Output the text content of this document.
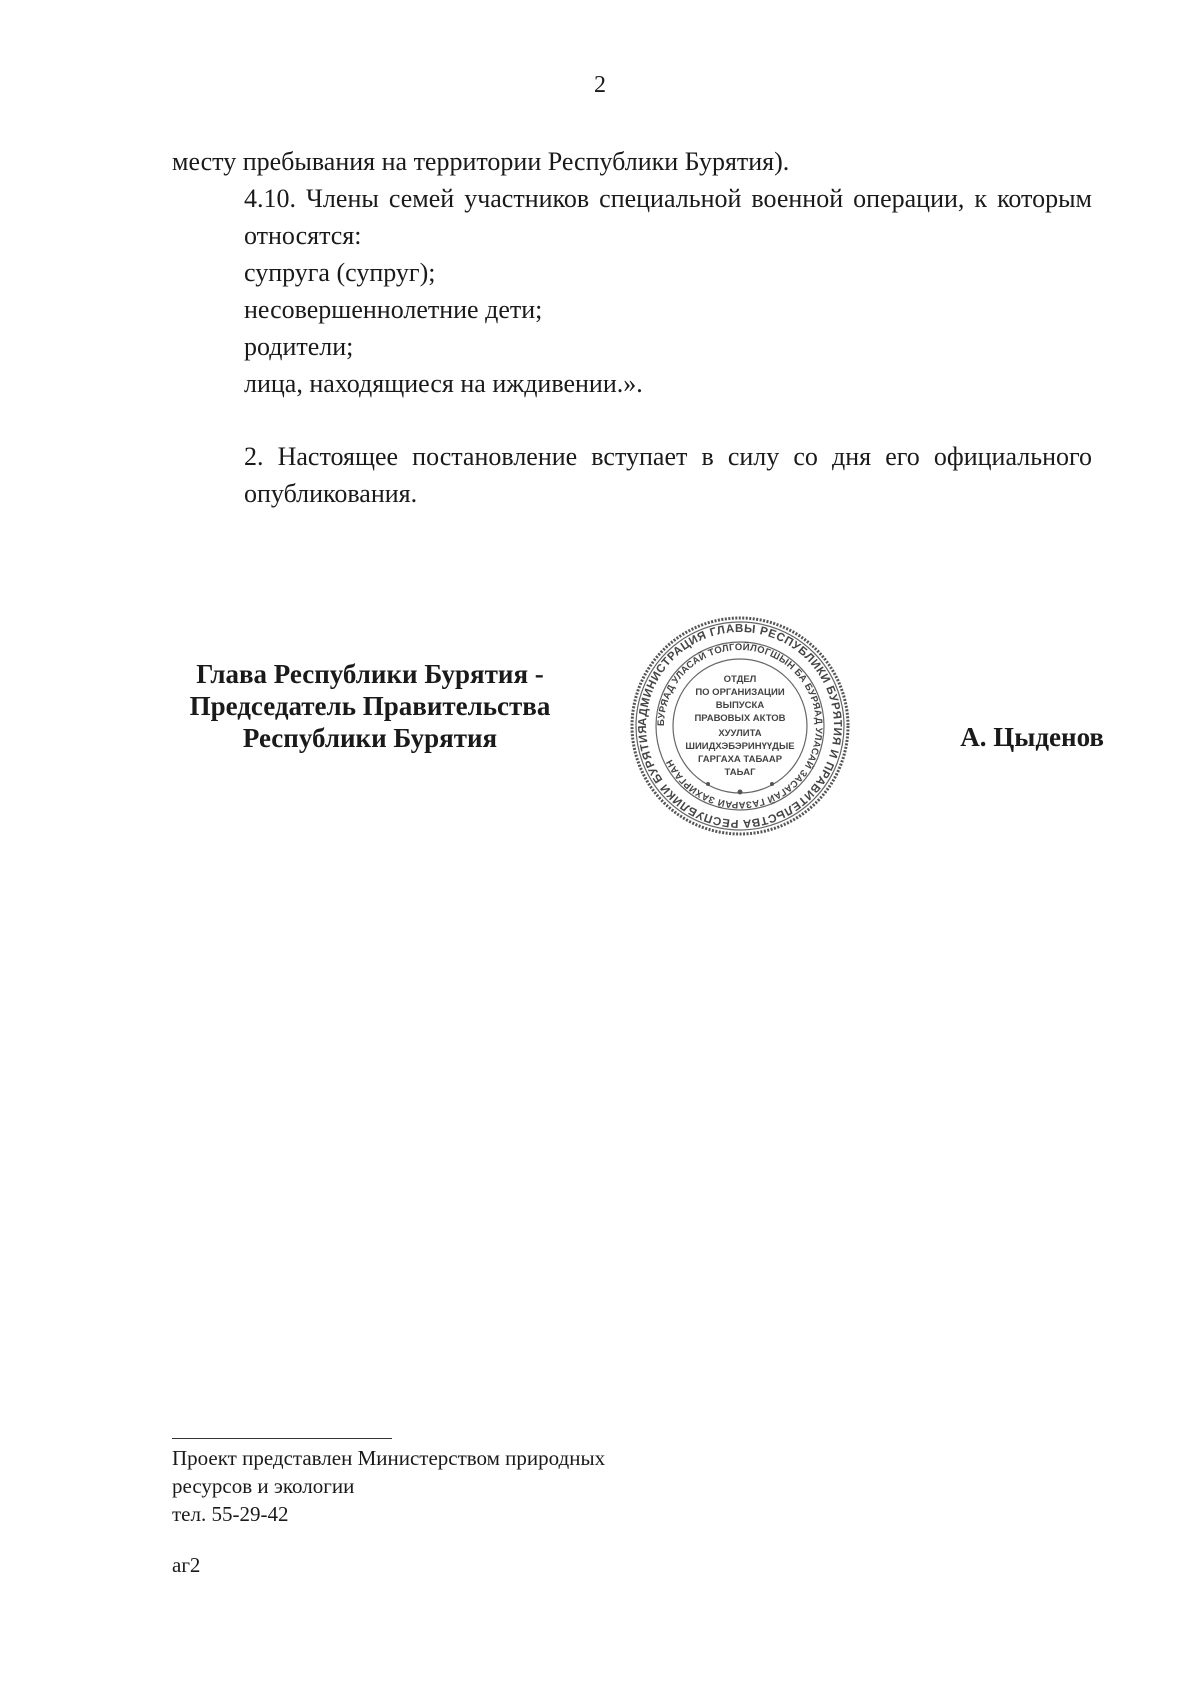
2

месту пребывания на территории Республики Бурятия).

4.10. Члены семей участников специальной военной операции, к которым относятся:

супруга (супруг);

несовершеннолетние дети;

родители;

лица, находящиеся на иждивении.».

2. Настоящее постановление вступает в силу со дня его официального опубликования.

Глава Республики Бурятия -
Председатель Правительства
Республики Бурятия
АДМИНИСТРАЦИЯ ГЛАВЫ РЕСПУБЛИКИ БУРЯТИЯ И ПРАВИТЕЛЬСТВА РЕСПУБЛИКИ БУРЯТИЯ
БУРЯАД УЛАСАЙ ТОЛГОЙЛОГШЫН БА БУРЯАД УЛАСАЙ ЗАСАГАЙ ГАЗАРАЙ ЗАХИРГААН
ОТДЕЛ
ПО ОРГАНИЗАЦИИ
ВЫПУСКА
ПРАВОВЫХ АКТОВ
ХУУЛИТА
ШИИДХЭБЭРИНҮҮДЫЕ
ГАРГАХА ТАБААР
ТАЬАГ
А. Цыденов
Проект представлен Министерством природных
ресурсов и экологии
тел. 55-29-42
аг2
